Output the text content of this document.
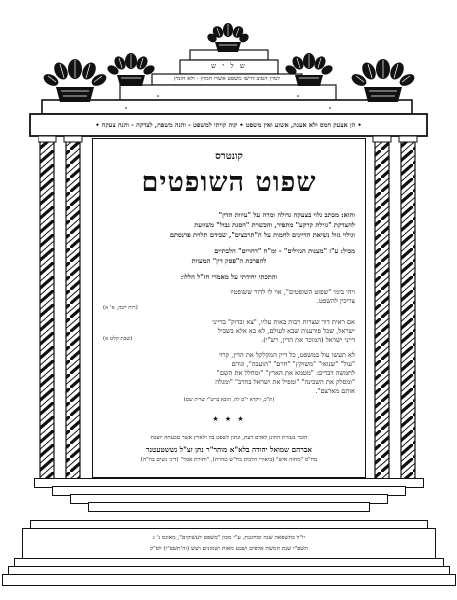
ש ל י ש
למרן הטוב דרשו משפט אשרו חמוץ - ולא חומץ
• הן אצעק חמס ולא אענה, אשוע ואין משפט • קוה קויתי למשפט - והנה משפח, לצדקה - והנה צעקה •
קונטרס
שפוט השופטים
והוא: מכתב גלוי בצעקה גדולה ומרה על "עיוות הדין"
להצדקת "גזילת קרקע" מתפיר, והכשרת "הסגת גבול" משוועת
וגילוי גזול נשיאת הדיינים לחמות על ה"תרבצים", שבידם תלוית פרנסתם
מכיל: ע"ז "מענות הגזילים" - ומ"ח "דחויים" הלבתיים
להפרכת ה"פסק דין" המעוות
והתכתי יחידתי על מאמרי חז"ל הללו:
ויהי בימי "שפוט השופטים", אוי לו לדור ששופטיו
צריכין להשפט.
(רות רבה, א' א)
אם ראית דור שצרות רבות באות עליו, "צא ובדוק" בדייני
ישראל, שכל פורענות שבא לעולם, לא בא אלא בשביל
דייני ישראל (המוכר את הדין, רש"י).
(שבת קלט א)
לא תעשו עול במשפט, כל דיין המקלקל את הדין, קרוי
"עול" "שנואי" "משוקץ" "חרם" "תועבה", וגורם
לחמשה דברים: "מטמא את הארץ" "ומחלל את השם"
"ומסלק את השכינה" "ומפיל את ישראל בחרב" "ומגלה
אותם מארצם".
(ת"כ, ויקרא י"ט לה, הובא ברש"י שרית שם)
★ ★ ★
חובר בעזרת החונן לאדם דעת, ונתון לשפט בה ולארץ אשר טבעתה יוצבת
אברהם שמואל יהודה בלא"א מוהר"ר נתן זצ"ל נששטעטנר
מח"ס "מחזה איש" (ביאורי הלכות בח"ש טהרת), "ותורת אמך" (דיני נשים בח"ה)
יו"ל בתשפאה שנה ומחוננת, ע"י מכון "משפט לעשוקים", מאונס נ' ג
תשפ"ו שנת חמשת אלפים ושבע מאות ושמונים ושש (וה'תשפ"ו) לפ"ק
